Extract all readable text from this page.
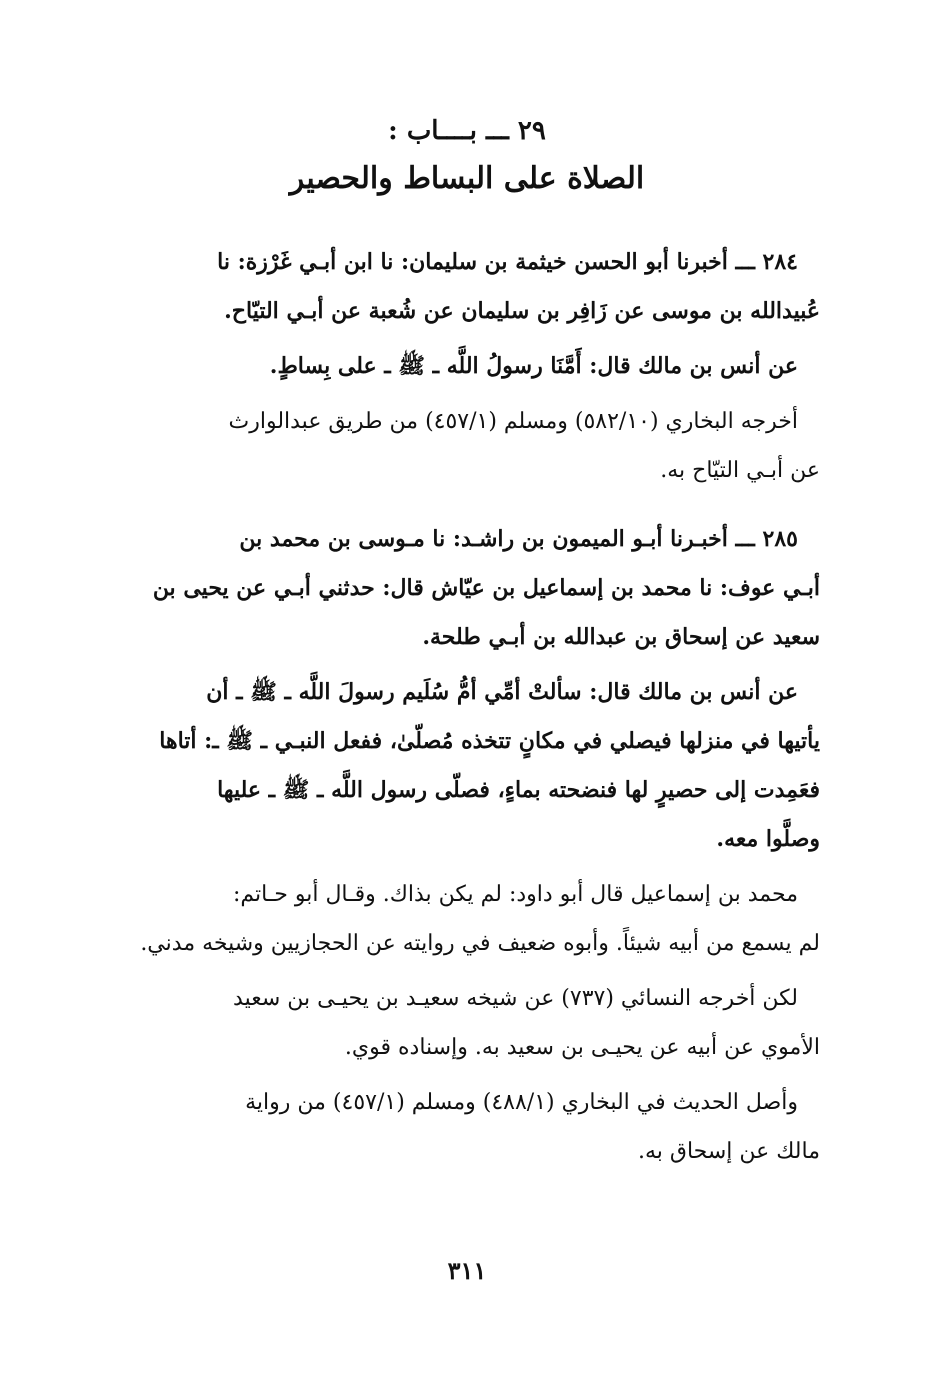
٢٩ ـــ بــــاب :
الصلاة على البساط والحصير

٢٨٤ ـــ أخبرنا أبو الحسن خيثمة بن سليمان: نا ابن أبـي غَرْزة: نا

عُبيدالله بن موسى عن زَافِر بن سليمان عن شُعبة عن أبـي التيّاح.

عن أنس بن مالك قال: أَمَّنَا رسولُ اللَّه ـ ﷺ ـ على بِساطٍ.

أخرجه البخاري (٥٨٢/١٠) ومسلم (٤٥٧/١) من طريق عبدالوارث

عن أبـي التيّاح به.

٢٨٥ ـــ أخبـرنا أبـو الميمون بن راشـد: نا مـوسى بن محمد بن

أبـي عوف: نا محمد بن إسماعيل بن عيّاش قال: حدثني أبـي عن يحيى بن

سعيد عن إسحاق بن عبدالله بن أبـي طلحة.

عن أنس بن مالك قال: سألتْ أمِّي أمُّ سُلَيم رسولَ اللَّه ـ ﷺ ـ أن

يأتيها في منزلها فيصلي في مكانٍ تتخذه مُصلّىٰ، ففعل النبـي ـ ﷺ ـ: أتاها

فعَمِدت إلى حصيرٍ لها فنضحته بماءٍ، فصلّى رسول اللَّه ـ ﷺ ـ عليها

وصلَّوا معه.

محمد بن إسماعيل قال أبو داود: لم يكن بذاك. وقـال أبو حـاتم:

لم يسمع من أبيه شيئاً. وأبوه ضعيف في روايته عن الحجازيين وشيخه مدني.

لكن أخرجه النسائي (٧٣٧) عن شيخه سعيـد بن يحيـى بن سعيد

الأموي عن أبيه عن يحيـى بن سعيد به. وإسناده قوي.

وأصل الحديث في البخاري (٤٨٨/١) ومسلم (٤٥٧/١) من رواية

مالك عن إسحاق به.

٣١١
